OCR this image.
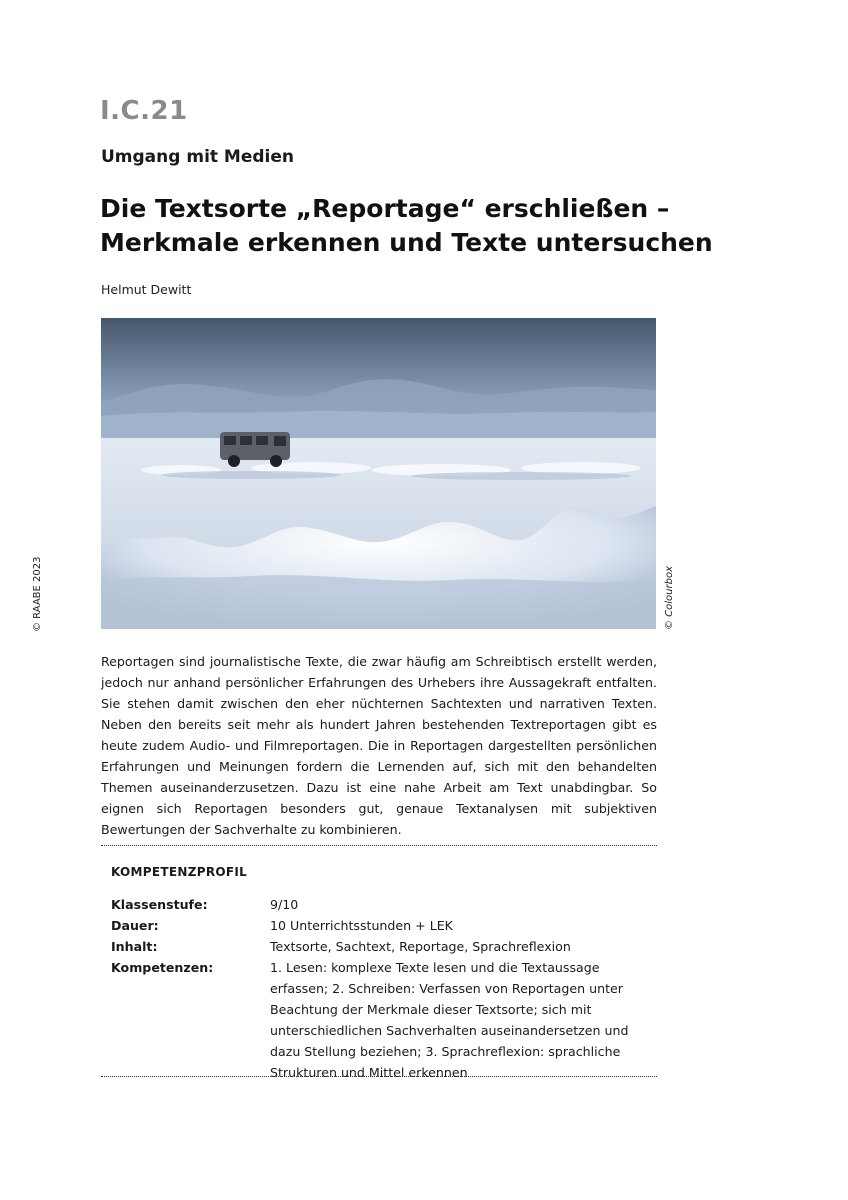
I.C.21
Umgang mit Medien
Die Textsorte „Reportage“ erschließen – Merkmale erkennen und Texte untersuchen
Helmut Dewitt
© RAABE 2023	© Colourbox

Reportagen sind journalistische Texte, die zwar häufig am Schreibtisch erstellt werden, jedoch nur anhand persönlicher Erfahrungen des Urhebers ihre Aussagekraft entfalten. Sie stehen damit zwischen den eher nüchternen Sachtexten und narrativen Texten. Neben den bereits seit mehr als hundert Jahren bestehenden Textreportagen gibt es heute zudem Audio- und Filmreportagen. Die in Reportagen dargestellten persönlichen Erfahrungen und Meinungen fordern die Lernenden auf, sich mit den behandelten Themen auseinanderzusetzen. Dazu ist eine nahe Arbeit am Text unabdingbar. So eignen sich Reportagen besonders gut, genaue Textanalysen mit subjektiven Bewertungen der Sachverhalte zu kombinieren.

KOMPETENZPROFIL
Klassenstufe:	9/10
Dauer:	10 Unterrichtsstunden + LEK
Inhalt:	Textsorte, Sachtext, Reportage, Sprachreflexion
Kompetenzen:	1. Lesen: komplexe Texte lesen und die Textaussage erfassen; 2. Schreiben: Verfassen von Reportagen unter Beachtung der Merkmale dieser Textsorte; sich mit unterschiedlichen Sachverhalten auseinandersetzen und dazu Stellung beziehen; 3. Sprachreflexion: sprachliche Strukturen und Mittel erkennen
